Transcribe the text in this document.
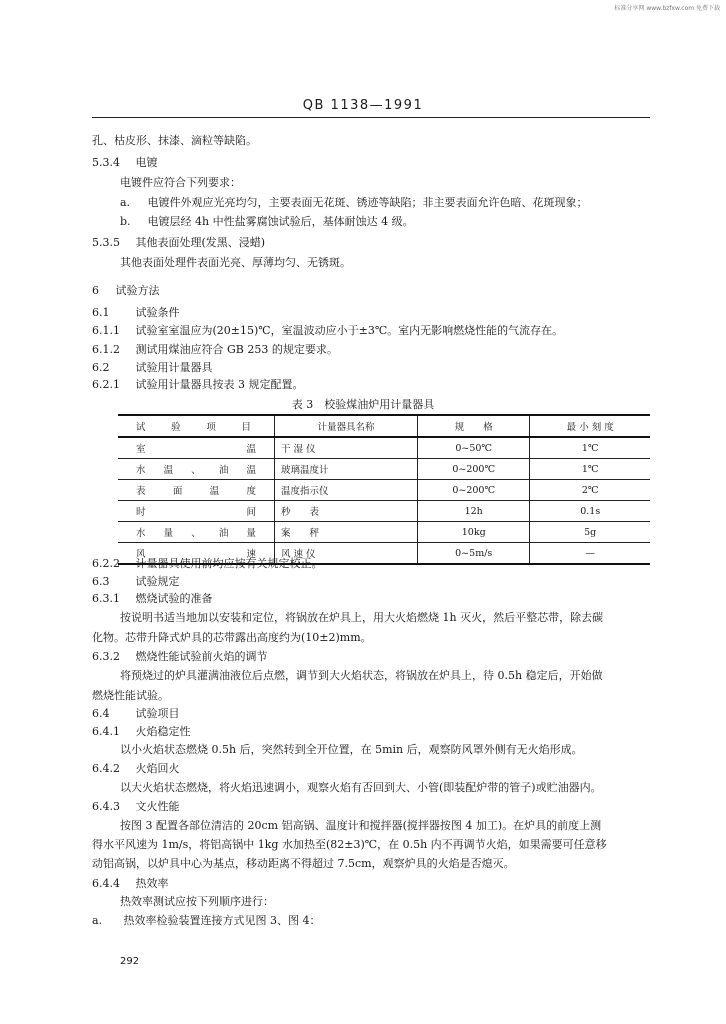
标准分享网 www.bzfxw.com 免费下载
QB 1138—1991
孔、枯皮形、抹漆、滴粒等缺陷。
5.3.4 电镀
电镀件应符合下列要求：
a. 电镀件外观应光亮均匀，主要表面无花斑、锈迹等缺陷；非主要表面允许色暗、花斑现象；
b. 电镀层经 4h 中性盐雾腐蚀试验后，基体耐蚀达 4 级。
5.3.5 其他表面处理(发黑、浸蜡)
其他表面处理件表面光亮、厚薄均匀、无锈斑。
6 试验方法
6.1 试验条件
6.1.1 试验室室温应为(20±15)℃，室温波动应小于±3℃。室内无影响燃烧性能的气流存在。
6.1.2 测试用煤油应符合 GB 253 的规定要求。
6.2 试验用计量器具
6.2.1 试验用计量器具按表 3 规定配置。
表 3　校验煤油炉用计量器具
试 验 项 目	计量器具名称	规　　格	最 小 刻 度
室温	干 湿 仪	0~50℃	1℃
水温、油温	玻璃温度计	0~200℃	1℃
表面温度	温度指示仪	0~200℃	2℃
时间	秒　　表	12h	0.1s
水量、油量	案　　秤	10kg	5g
风速	风 速 仪	0~5m/s	—
6.2.2 计量器具使用前均应按有关规定校正。
6.3 试验规定
6.3.1 燃烧试验的准备
按说明书适当地加以安装和定位，将锅放在炉具上，用大火焰燃烧 1h 灭火，然后平整芯带，除去碳
化物。芯带升降式炉具的芯带露出高度约为(10±2)mm。
6.3.2 燃烧性能试验前火焰的调节
将预烧过的炉具灌满油液位后点燃，调节到大火焰状态，将锅放在炉具上，待 0.5h 稳定后，开始做
燃烧性能试验。
6.4 试验项目
6.4.1 火焰稳定性
以小火焰状态燃烧 0.5h 后，突然转到全开位置，在 5min 后，观察防风罩外侧有无火焰形成。
6.4.2 火焰回火
以大火焰状态燃烧，将火焰迅速调小，观察火焰有否回到大、小管(即装配炉带的管子)或贮油器内。
6.4.3 文火性能
按图 3 配置各部位清洁的 20cm 铝高锅、温度计和搅拌器(搅拌器按图 4 加工)。在炉具的前度上测
得水平风速为 1m/s，将铝高锅中 1kg 水加热至(82±3)℃，在 0.5h 内不再调节火焰，如果需要可任意移
动铝高锅，以炉具中心为基点，移动距离不得超过 7.5cm，观察炉具的火焰是否熄灭。
6.4.4 热效率
热效率测试应按下列顺序进行：
a. 热效率检验装置连接方式见图 3、图 4：
292
